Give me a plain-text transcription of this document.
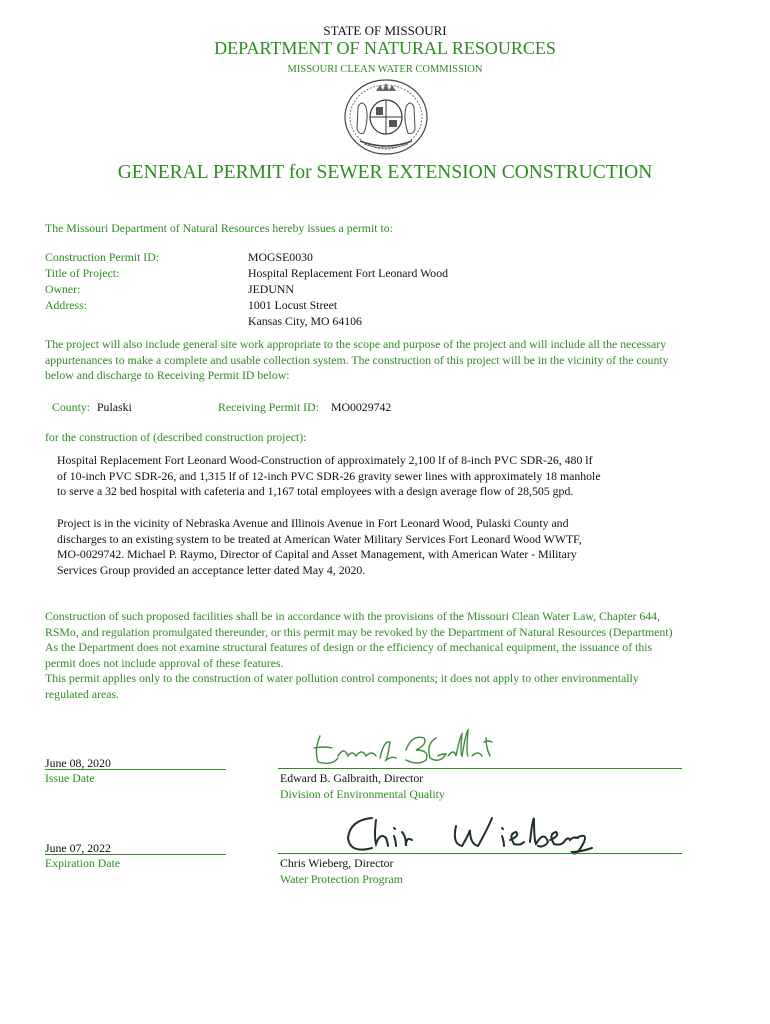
STATE OF MISSOURI
DEPARTMENT OF NATURAL RESOURCES
MISSOURI CLEAN WATER COMMISSION
GENERAL PERMIT for SEWER EXTENSION CONSTRUCTION
The Missouri Department of Natural Resources hereby issues a permit to:
Construction Permit ID:	MOGSE0030
Title of Project:	Hospital Replacement Fort Leonard Wood
Owner:	JEDUNN
Address:	1001 Locust Street
Kansas City, MO 64106
The project will also include general site work appropriate to the scope and purpose of the project and will include all the necessary
appurtenances to make a complete and usable collection system. The construction of this project will be in the vicinity of the county
below and discharge to Receiving Permit ID below:
County: Pulaski	Receiving Permit ID: MO0029742
for the construction of (described construction project):
Hospital Replacement Fort Leonard Wood-Construction of approximately 2,100 lf of 8-inch PVC SDR-26, 480 lf
of 10-inch PVC SDR-26, and 1,315 lf of 12-inch PVC SDR-26 gravity sewer lines with approximately 18 manhole
to serve a 32 bed hospital with cafeteria and 1,167 total employees with a design average flow of 28,505 gpd.
Project is in the vicinity of Nebraska Avenue and Illinois Avenue in Fort Leonard Wood, Pulaski County and
discharges to an existing system to be treated at American Water Military Services Fort Leonard Wood WWTF,
MO-0029742. Michael P. Raymo, Director of Capital and Asset Management, with American Water - Military
Services Group provided an acceptance letter dated May 4, 2020.
Construction of such proposed facilities shall be in accordance with the provisions of the Missouri Clean Water Law, Chapter 644,
RSMo, and regulation promulgated thereunder, or this permit may be revoked by the Department of Natural Resources (Department)
As the Department does not examine structural features of design or the efficiency of mechanical equipment, the issuance of this
permit does not include approval of these features.
This permit applies only to the construction of water pollution control components; it does not apply to other environmentally
regulated areas.
June 08, 2020
Issue Date	Edward B. Galbraith, Director
Division of Environmental Quality
June 07, 2022
Expiration Date	Chris Wieberg, Director
Water Protection Program
